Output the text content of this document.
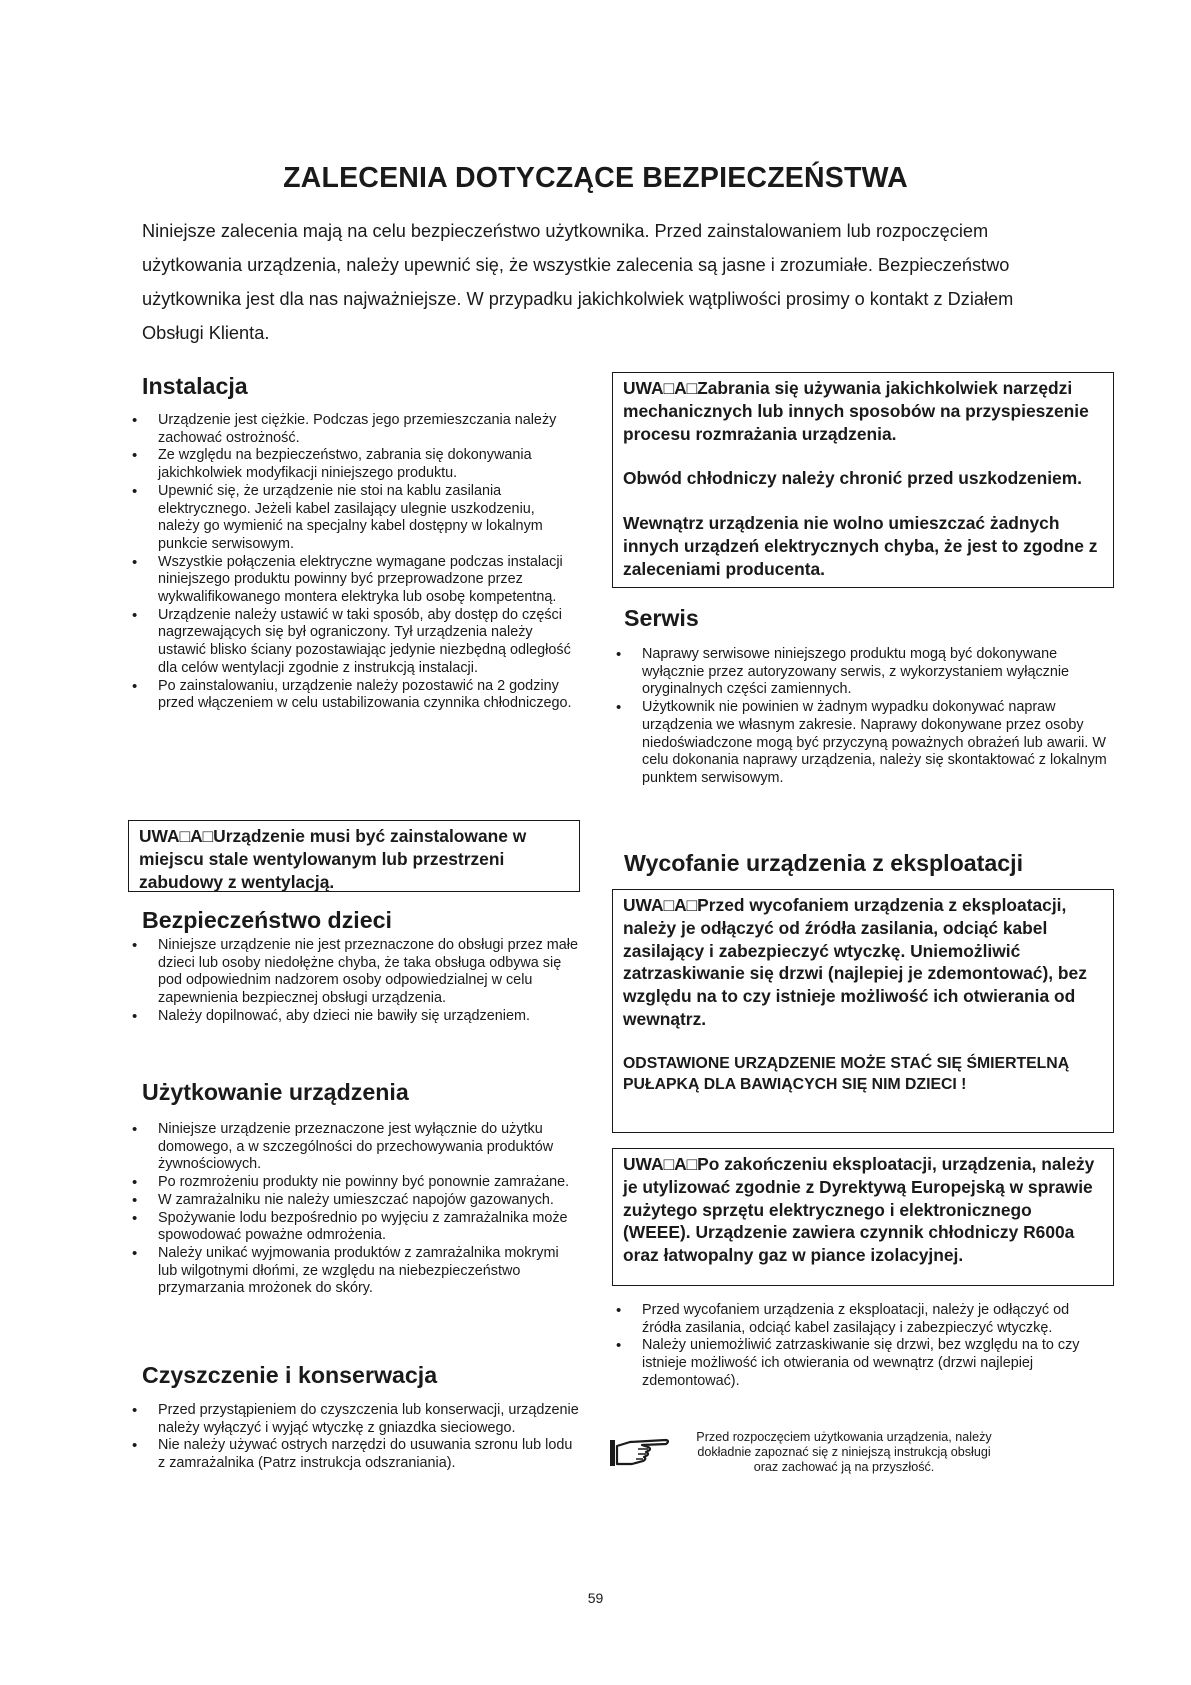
ZALECENIA DOTYCZĄCE BEZPIECZEŃSTWA

Niniejsze zalecenia mają na celu bezpieczeństwo użytkownika. Przed zainstalowaniem lub rozpoczęciem użytkowania urządzenia, należy upewnić się, że wszystkie zalecenia są jasne i zrozumiałe. Bezpieczeństwo użytkownika jest dla nas najważniejsze. W przypadku jakichkolwiek wątpliwości prosimy o kontakt z Działem Obsługi Klienta.

Instalacja
• Urządzenie jest ciężkie. Podczas jego przemieszczania należy zachować ostrożność.
• Ze względu na bezpieczeństwo, zabrania się dokonywania jakichkolwiek modyfikacji niniejszego produktu.
• Upewnić się, że urządzenie nie stoi na kablu zasilania elektrycznego. Jeżeli kabel zasilający ulegnie uszkodzeniu, należy go wymienić na specjalny kabel dostępny w lokalnym punkcie serwisowym.
• Wszystkie połączenia elektryczne wymagane podczas instalacji niniejszego produktu powinny być przeprowadzone przez wykwalifikowanego montera elektryka lub osobę kompetentną.
• Urządzenie należy ustawić w taki sposób, aby dostęp do części nagrzewających się był ograniczony. Tył urządzenia należy ustawić blisko ściany pozostawiając jedynie niezbędną odległość dla celów wentylacji zgodnie z instrukcją instalacji.
• Po zainstalowaniu, urządzenie należy pozostawić na 2 godziny przed włączeniem w celu ustabilizowania czynnika chłodniczego.

UWA□A□Urządzenie musi być zainstalowane w miejscu stale wentylowanym lub przestrzeni zabudowy z wentylacją.

Bezpieczeństwo dzieci
• Niniejsze urządzenie nie jest przeznaczone do obsługi przez małe dzieci lub osoby niedołężne chyba, że taka obsługa odbywa się pod odpowiednim nadzorem osoby odpowiedzialnej w celu zapewnienia bezpiecznej obsługi urządzenia.
• Należy dopilnować, aby dzieci nie bawiły się urządzeniem.
Użytkowanie urządzenia
• Niniejsze urządzenie przeznaczone jest wyłącznie do użytku domowego, a w szczególności do przechowywania produktów żywnościowych.
• Po rozmrożeniu produkty nie powinny być ponownie zamrażane.
• W zamrażalniku nie należy umieszczać napojów gazowanych.
• Spożywanie lodu bezpośrednio po wyjęciu z zamrażalnika może spowodować poważne odmrożenia.
• Należy unikać wyjmowania produktów z zamrażalnika mokrymi lub wilgotnymi dłońmi, ze względu na niebezpieczeństwo przymarzania mrożonek do skóry.
Czyszczenie i konserwacja
• Przed przystąpieniem do czyszczenia lub konserwacji, urządzenie należy wyłączyć i wyjąć wtyczkę z gniazdka sieciowego.
• Nie należy używać ostrych narzędzi do usuwania szronu lub lodu z zamrażalnika (Patrz instrukcja odszraniania).

UWA□A□Zabrania się używania jakichkolwiek narzędzi mechanicznych lub innych sposobów na przyspieszenie procesu rozmrażania urządzenia.

Obwód chłodniczy należy chronić przed uszkodzeniem.

Wewnątrz urządzenia nie wolno umieszczać żadnych innych urządzeń elektrycznych chyba, że jest to zgodne z zaleceniami producenta.

Serwis
• Naprawy serwisowe niniejszego produktu mogą być dokonywane wyłącznie przez autoryzowany serwis, z wykorzystaniem wyłącznie oryginalnych części zamiennych.
• Użytkownik nie powinien w żadnym wypadku dokonywać napraw urządzenia we własnym zakresie. Naprawy dokonywane przez osoby niedoświadczone mogą być przyczyną poważnych obrażeń lub awarii. W celu dokonania naprawy urządzenia, należy się skontaktować z lokalnym punktem serwisowym.
Wycofanie urządzenia z eksploatacji

UWA□A□Przed wycofaniem urządzenia z eksploatacji, należy je odłączyć od źródła zasilania, odciąć kabel zasilający i zabezpieczyć wtyczkę. Uniemożliwić zatrzaskiwanie się drzwi (najlepiej je zdemontować), bez względu na to czy istnieje możliwość ich otwierania od wewnątrz.

ODSTAWIONE URZĄDZENIE MOŻE STAĆ SIĘ ŚMIERTELNĄ PUŁAPKĄ DLA BAWIĄCYCH SIĘ NIM DZIECI !

UWA□A□Po zakończeniu eksploatacji, urządzenia, należy je utylizować zgodnie z Dyrektywą Europejską w sprawie zużytego sprzętu elektrycznego i elektronicznego (WEEE). Urządzenie zawiera czynnik chłodniczy R600a oraz łatwopalny gaz w piance izolacyjnej.

• Przed wycofaniem urządzenia z eksploatacji, należy je odłączyć od źródła zasilania, odciąć kabel zasilający i zabezpieczyć wtyczkę.
• Należy uniemożliwić zatrzaskiwanie się drzwi, bez względu na to czy istnieje możliwość ich otwierania od wewnątrz (drzwi najlepiej zdemontować).
Przed rozpoczęciem użytkowania urządzenia, należy dokładnie zapoznać się z niniejszą instrukcją obsługi oraz zachować ją na przyszłość.
59
